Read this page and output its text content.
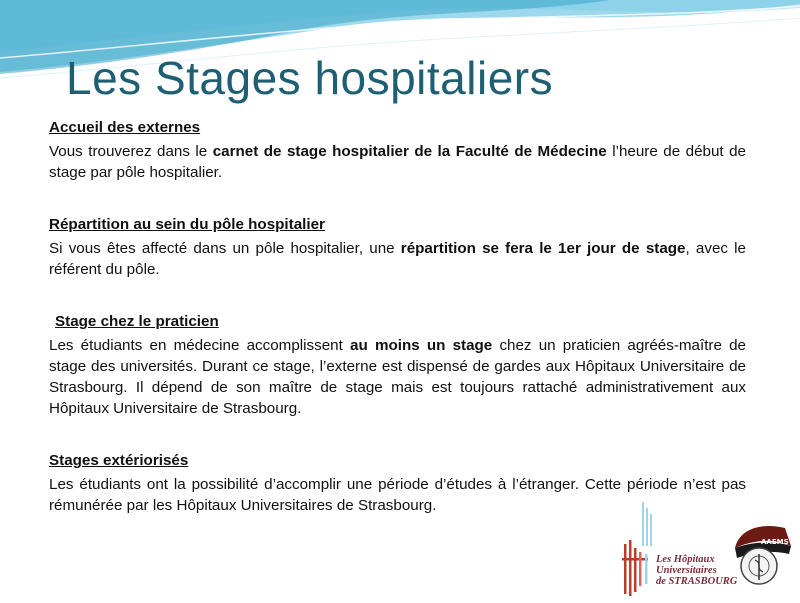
Les Stages hospitaliers

Accueil des externes

Vous trouverez dans le carnet de stage hospitalier de la Faculté de Médecine l’heure de début de stage par pôle hospitalier.

Répartition au sein du pôle hospitalier

Si vous êtes affecté dans un pôle hospitalier, une répartition se fera le 1er jour de stage, avec le référent du pôle.

Stage chez le praticien

Les étudiants en médecine accomplissent au moins un stage chez un praticien agréés-maître de stage des universités. Durant ce stage, l’externe est dispensé de gardes aux Hôpitaux Universitaire de Strasbourg. Il dépend de son maître de stage mais est toujours rattaché administrativement aux Hôpitaux Universitaire de Strasbourg.

Stages extériorisés

Les étudiants ont la possibilité d’accomplir une période d’études à l’étranger. Cette période n’est pas rémunérée par les Hôpitaux Universitaires de Strasbourg.

Les Hôpitaux
Universitaires
de STRASBOURG
AAEMS
